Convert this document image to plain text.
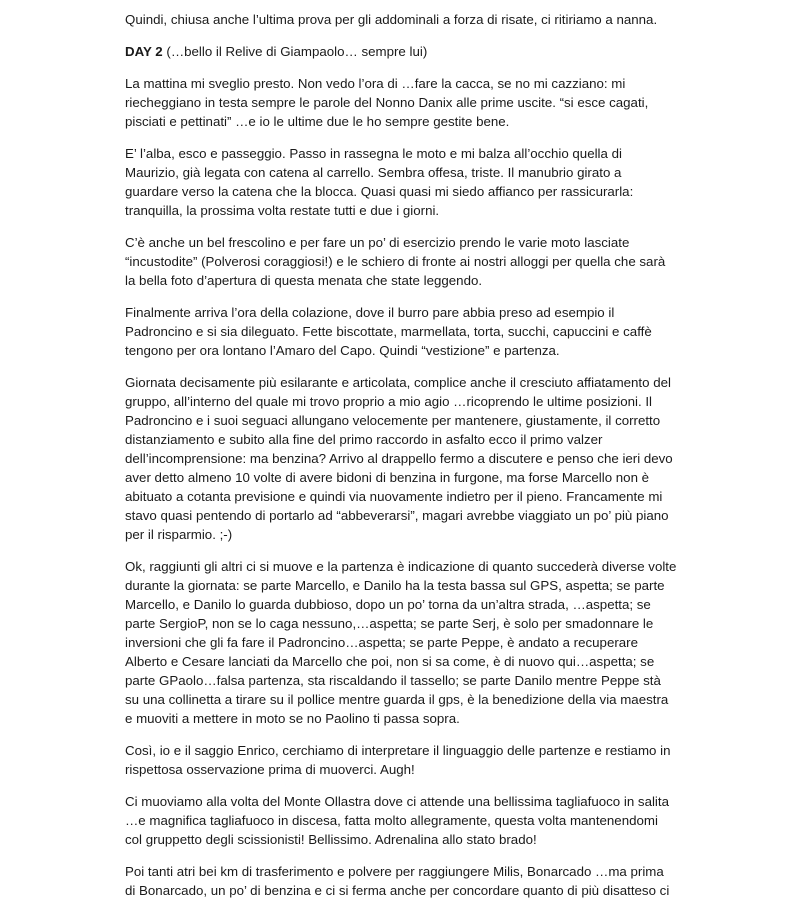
Quindi, chiusa anche l’ultima prova per gli addominali a forza di risate, ci ritiriamo a nanna.

DAY 2 (…bello il Relive di Giampaolo… sempre lui)

La mattina mi sveglio presto. Non vedo l’ora di …fare la cacca, se no mi cazziano: mi riecheggiano in testa sempre le parole del Nonno Danix alle prime uscite. “si esce cagati, pisciati e pettinati” …e io le ultime due le ho sempre gestite bene.

E’ l’alba, esco e passeggio. Passo in rassegna le moto e mi balza all’occhio quella di Maurizio, già legata con catena al carrello. Sembra offesa, triste. Il manubrio girato a guardare verso la catena che la blocca. Quasi quasi mi siedo affianco per rassicurarla: tranquilla, la prossima volta restate tutti e due i giorni.

C’è anche un bel frescolino e per fare un po’ di esercizio prendo le varie moto lasciate “incustodite” (Polverosi coraggiosi!) e le schiero di fronte ai nostri alloggi per quella che sarà la bella foto d’apertura di questa menata che state leggendo.

Finalmente arriva l’ora della colazione, dove il burro pare abbia preso ad esempio il Padroncino e si sia dileguato. Fette biscottate, marmellata, torta, succhi, capuccini e caffè tengono per ora lontano l’Amaro del Capo. Quindi “vestizione” e partenza.

Giornata decisamente più esilarante e articolata, complice anche il cresciuto affiatamento del gruppo, all’interno del quale mi trovo proprio a mio agio …ricoprendo le ultime posizioni. Il Padroncino e i suoi seguaci allungano velocemente per mantenere, giustamente, il corretto distanziamento e subito alla fine del primo raccordo in asfalto ecco il primo valzer dell’incomprensione: ma benzina? Arrivo al drappello fermo a discutere e penso che ieri devo aver detto almeno 10 volte di avere bidoni di benzina in furgone, ma forse Marcello non è abituato a cotanta previsione e quindi via nuovamente indietro per il pieno. Francamente mi stavo quasi pentendo di portarlo ad “abbeverarsi”, magari avrebbe viaggiato un po’ più piano per il risparmio. ;-)

Ok, raggiunti gli altri ci si muove e la partenza è indicazione di quanto succederà diverse volte durante la giornata: se parte Marcello, e Danilo ha la testa bassa sul GPS, aspetta; se parte Marcello, e Danilo lo guarda dubbioso, dopo un po’ torna da un’altra strada, …aspetta; se parte SergioP, non se lo caga nessuno,…aspetta; se parte Serj, è solo per smadonnare le inversioni che gli fa fare il Padroncino…aspetta; se parte Peppe, è andato a recuperare Alberto e Cesare lanciati da Marcello che poi, non si sa come, è di nuovo qui…aspetta; se parte GPaolo…falsa partenza, sta riscaldando il tassello; se parte Danilo mentre Peppe stà su una collinetta a tirare su il pollice mentre guarda il gps, è la benedizione della via maestra e muoviti a mettere in moto se no Paolino ti passa sopra.

Così, io e il saggio Enrico, cerchiamo di interpretare il linguaggio delle partenze e restiamo in rispettosa osservazione prima di muoverci. Augh!

Ci muoviamo alla volta del Monte Ollastra dove ci attende una bellissima tagliafuoco in salita …e magnifica tagliafuoco in discesa, fatta molto allegramente, questa volta mantenendomi col gruppetto degli scissionisti! Bellissimo. Adrenalina allo stato brado!

Poi tanti atri bei km di trasferimento e polvere per raggiungere Milis, Bonarcado …ma prima di Bonarcado, un po’ di benzina e ci si ferma anche per concordare quanto di più disatteso ci
